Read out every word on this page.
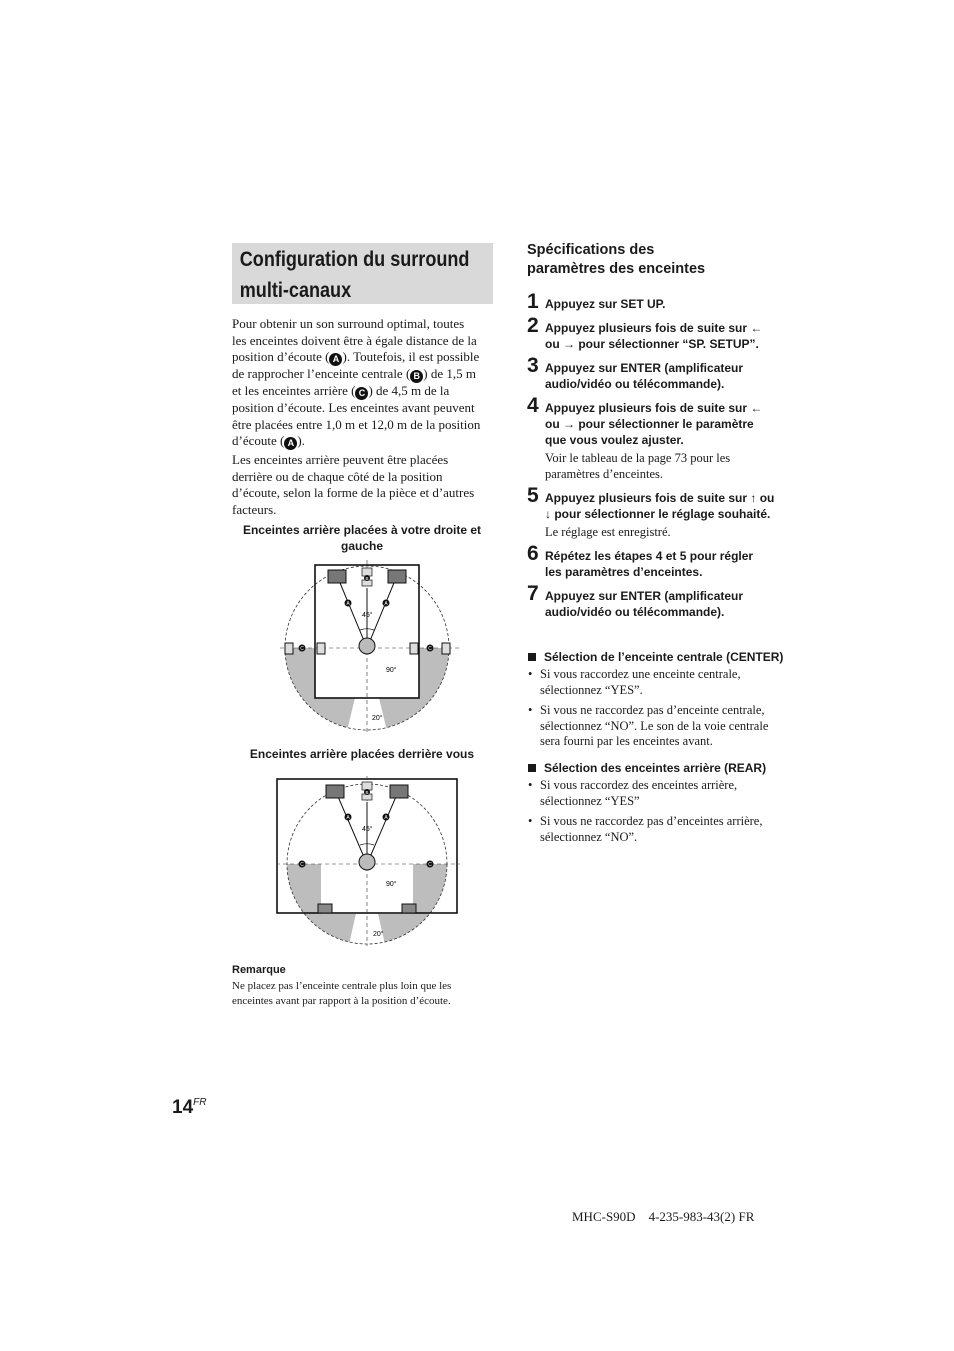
Configuration du surround
multi-canaux

Pour obtenir un son surround optimal, toutes

les enceintes doivent être à égale distance de la

position d’écoute ( A ). Toutefois, il est possible

de rapprocher l’enceinte centrale ( B ) de 1,5 m

et les enceintes arrière ( C ) de 4,5 m de la

position d’écoute. Les enceintes avant peuvent

être placées entre 1,0 m et 12,0 m de la position

d’écoute ( A ).

Les enceintes arrière peuvent être placées

derrière ou de chaque côté de la position

d’écoute, selon la forme de la pièce et d’autres

facteurs.

Enceintes arrière placées à votre droite et
gauche
A	A
B
C	C
45°
90°
20°
Enceintes arrière placées derrière vous
A	A
B
C	C
45°
90°
20°
Remarque
Ne placez pas l’enceinte centrale plus loin que les
enceintes avant par rapport à la position d’écoute.
Spécifications des
paramètres des enceintes
1 Appuyez sur SET UP.
2 Appuyez plusieurs fois de suite sur ←
ou → pour sélectionner “SP. SETUP”.
3 Appuyez sur ENTER (amplificateur
audio/vidéo ou télécommande).
4 Appuyez plusieurs fois de suite sur ←
ou → pour sélectionner le paramètre
que vous voulez ajuster.
Voir le tableau de la page 73 pour les
paramètres d’enceintes.
5 Appuyez plusieurs fois de suite sur ↑ ou
↓ pour sélectionner le réglage souhaité.
Le réglage est enregistré.
6 Répétez les étapes 4 et 5 pour régler
les paramètres d’enceintes.
7 Appuyez sur ENTER (amplificateur
audio/vidéo ou télécommande).
Sélection de l’enceinte centrale (CENTER)
• Si vous raccordez une enceinte centrale,
sélectionnez “YES”.
• Si vous ne raccordez pas d’enceinte centrale,
sélectionnez “NO”. Le son de la voie centrale
sera fourni par les enceintes avant.
Sélection des enceintes arrière (REAR)
• Si vous raccordez des enceintes arrière,
sélectionnez “YES”
• Si vous ne raccordez pas d’enceintes arrière,
sélectionnez “NO”.
$14^{FR}$
MHC-S90D    4-235-983-43(2) FR
